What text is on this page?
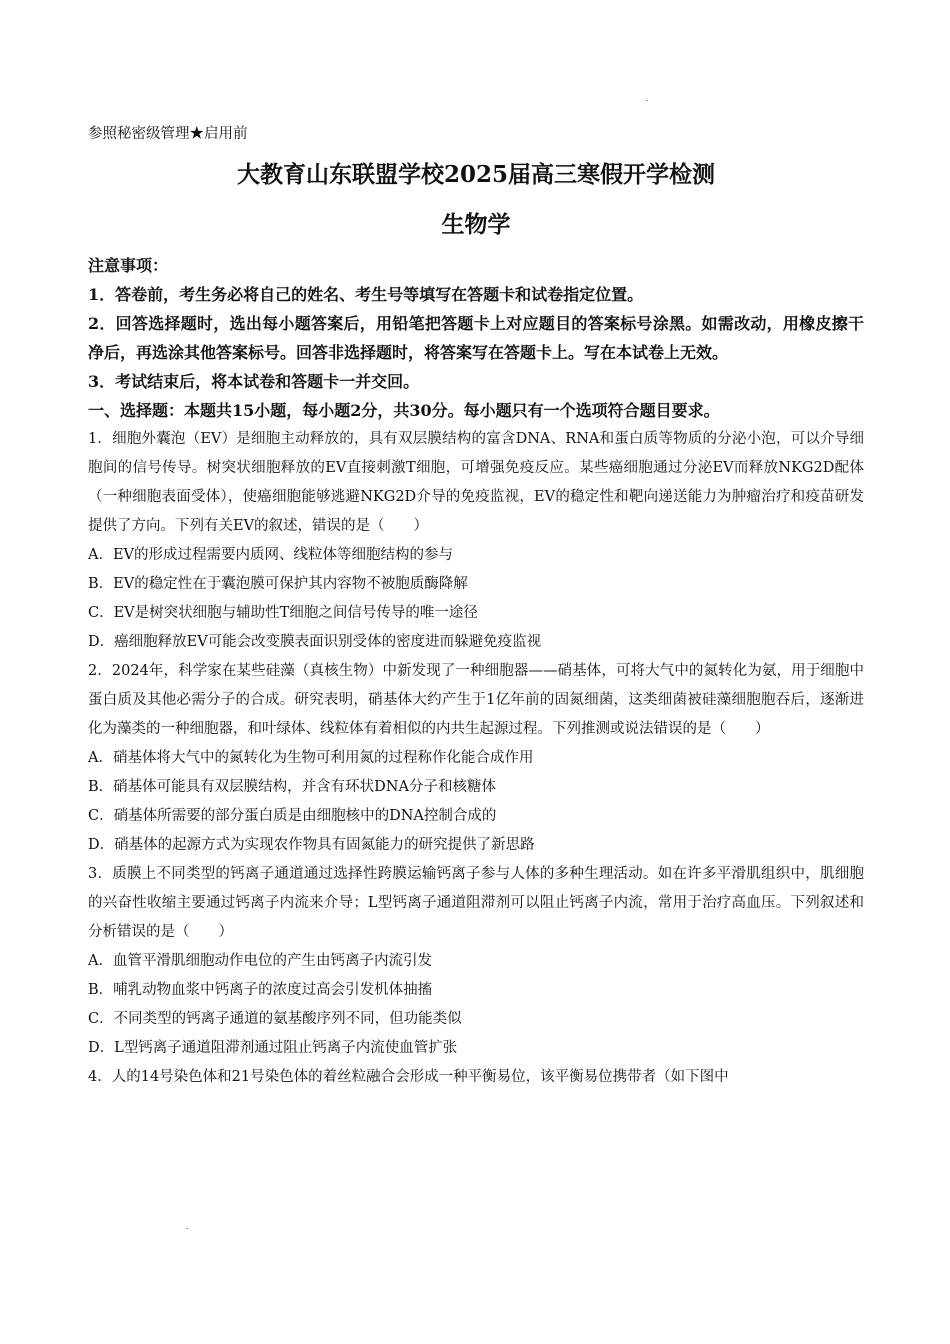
参照秘密级管理★启用前
大教育山东联盟学校2025届高三寒假开学检测
生物学
注意事项：
1．答卷前，考生务必将自己的姓名、考生号等填写在答题卡和试卷指定位置。
2．回答选择题时，选出每小题答案后，用铅笔把答题卡上对应题目的答案标号涂黑。如需改动，用橡皮擦干净后，再选涂其他答案标号。回答非选择题时，将答案写在答题卡上。写在本试卷上无效。
3．考试结束后，将本试卷和答题卡一并交回。
一、选择题：本题共15小题，每小题2分，共30分。每小题只有一个选项符合题目要求。
1．细胞外囊泡（EV）是细胞主动释放的，具有双层膜结构的富含DNA、RNA和蛋白质等物质的分泌小泡，可以介导细胞间的信号传导。树突状细胞释放的EV直接刺激T细胞，可增强免疫反应。某些癌细胞通过分泌EV而释放NKG2D配体（一种细胞表面受体），使癌细胞能够逃避NKG2D介导的免疫监视，EV的稳定性和靶向递送能力为肿瘤治疗和疫苗研发提供了方向。下列有关EV的叙述，错误的是（　　）
A．EV的形成过程需要内质网、线粒体等细胞结构的参与
B．EV的稳定性在于囊泡膜可保护其内容物不被胞质酶降解
C．EV是树突状细胞与辅助性T细胞之间信号传导的唯一途径
D．癌细胞释放EV可能会改变膜表面识别受体的密度进而躲避免疫监视
2．2024年，科学家在某些硅藻（真核生物）中新发现了一种细胞器——硝基体，可将大气中的氮转化为氨，用于细胞中蛋白质及其他必需分子的合成。研究表明，硝基体大约产生于1亿年前的固氮细菌，这类细菌被硅藻细胞胞吞后，逐渐进化为藻类的一种细胞器，和叶绿体、线粒体有着相似的内共生起源过程。下列推测或说法错误的是（　　）
A．硝基体将大气中的氮转化为生物可利用氮的过程称作化能合成作用
B．硝基体可能具有双层膜结构，并含有环状DNA分子和核糖体
C．硝基体所需要的部分蛋白质是由细胞核中的DNA控制合成的
D．硝基体的起源方式为实现农作物具有固氮能力的研究提供了新思路
3．质膜上不同类型的钙离子通道通过选择性跨膜运输钙离子参与人体的多种生理活动。如在许多平滑肌组织中，肌细胞的兴奋性收缩主要通过钙离子内流来介导；L型钙离子通道阻滞剂可以阻止钙离子内流，常用于治疗高血压。下列叙述和分析错误的是（　　）
A．血管平滑肌细胞动作电位的产生由钙离子内流引发
B．哺乳动物血浆中钙离子的浓度过高会引发机体抽搐
C．不同类型的钙离子通道的氨基酸序列不同，但功能类似
D．L型钙离子通道阻滞剂通过阻止钙离子内流使血管扩张
4．人的14号染色体和21号染色体的着丝粒融合会形成一种平衡易位，该平衡易位携带者（如下图中
